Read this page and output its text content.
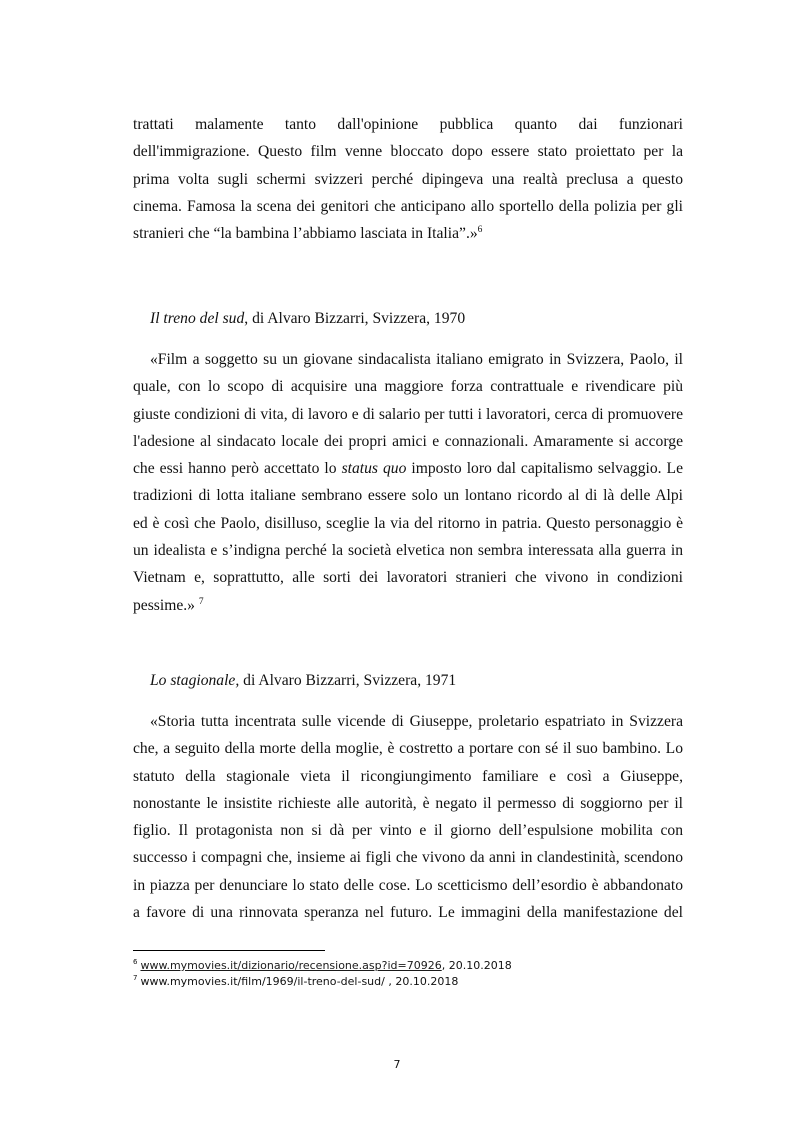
trattati malamente tanto dall'opinione pubblica quanto dai funzionari
dell'immigrazione. Questo film venne bloccato dopo essere stato proiettato per la
prima volta sugli schermi svizzeri perché dipingeva una realtà preclusa a questo
cinema. Famosa la scena dei genitori che anticipano allo sportello della polizia per gli
stranieri che “la bambina l’abbiamo lasciata in Italia”.»$^6$
Il treno del sud, di Alvaro Bizzarri, Svizzera, 1970
«Film a soggetto su un giovane sindacalista italiano emigrato in Svizzera, Paolo, il
quale, con lo scopo di acquisire una maggiore forza contrattuale e rivendicare più
giuste condizioni di vita, di lavoro e di salario per tutti i lavoratori, cerca di promuovere
l'adesione al sindacato locale dei propri amici e connazionali. Amaramente si accorge
che essi hanno però accettato lo status quo imposto loro dal capitalismo selvaggio. Le
tradizioni di lotta italiane sembrano essere solo un lontano ricordo al di là delle Alpi
ed è così che Paolo, disilluso, sceglie la via del ritorno in patria. Questo personaggio è
un idealista e s’indigna perché la società elvetica non sembra interessata alla guerra in
Vietnam e, soprattutto, alle sorti dei lavoratori stranieri che vivono in condizioni
pessime.» $^7$
Lo stagionale, di Alvaro Bizzarri, Svizzera, 1971
«Storia tutta incentrata sulle vicende di Giuseppe, proletario espatriato in Svizzera
che, a seguito della morte della moglie, è costretto a portare con sé il suo bambino. Lo
statuto della stagionale vieta il ricongiungimento familiare e così a Giuseppe,
nonostante le insistite richieste alle autorità, è negato il permesso di soggiorno per il
figlio. Il protagonista non si dà per vinto e il giorno dell’espulsione mobilita con
successo i compagni che, insieme ai figli che vivono da anni in clandestinità, scendono
in piazza per denunciare lo stato delle cose. Lo scetticismo dell’esordio è abbandonato
a favore di una rinnovata speranza nel futuro. Le immagini della manifestazione del
$^6$ www.mymovies.it/dizionario/recensione.asp?id=70926, 20.10.2018
$^7$ www.mymovies.it/film/1969/il-treno-del-sud/ , 20.10.2018
7
